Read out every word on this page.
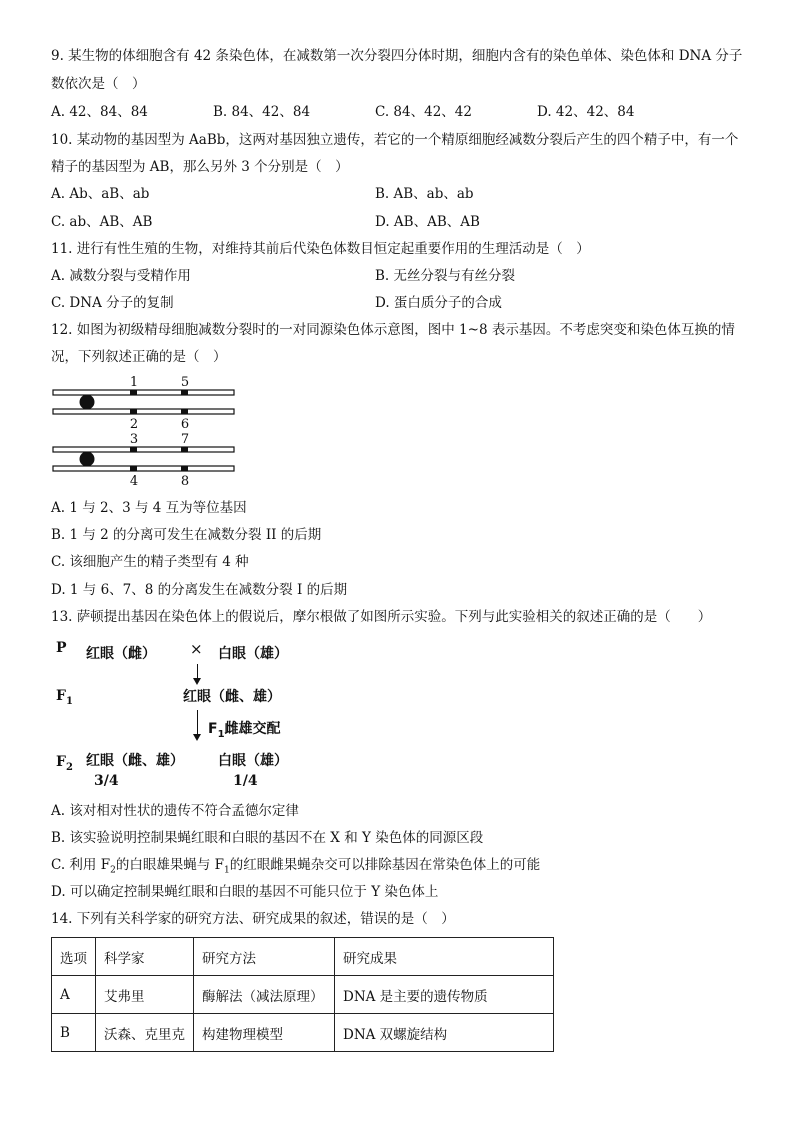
9. 某生物的体细胞含有 42 条染色体，在减数第一次分裂四分体时期，细胞内含有的染色单体、染色体和 DNA 分子
数依次是（　）
A. 42、84、84	B. 84、42、84	C. 84、42、42	D. 42、42、84
10. 某动物的基因型为 AaBb，这两对基因独立遗传，若它的一个精原细胞经减数分裂后产生的四个精子中，有一个
精子的基因型为 AB，那么另外 3 个分别是（　）
A. Ab、aB、ab	B. AB、ab、ab
C. ab、AB、AB	D. AB、AB、AB
11. 进行有性生殖的生物，对维持其前后代染色体数目恒定起重要作用的生理活动是（　）
A. 减数分裂与受精作用	B. 无丝分裂与有丝分裂
C. DNA 分子的复制	D. 蛋白质分子的合成
12. 如图为初级精母细胞减数分裂时的一对同源染色体示意图，图中 1~8 表示基因。不考虑突变和染色体互换的情
况，下列叙述正确的是（　）
1	5
2	6
3	7
4	8
A. 1 与 2、3 与 4 互为等位基因
B. 1 与 2 的分离可发生在减数分裂 II 的后期
C. 该细胞产生的精子类型有 4 种
D. 1 与 6、7、8 的分离发生在减数分裂 I 的后期
13. 萨顿提出基因在染色体上的假说后，摩尔根做了如图所示实验。下列与此实验相关的叙述正确的是（　　）
P 红眼（雌） × 白眼（雄）
$F_1$	红眼（雌、雄）
$F_1$雌雄交配
$F_2$ 红眼（雌、雄） 白眼（雄）
3/4	1/4
A. 该对相对性状的遗传不符合孟德尔定律
B. 该实验说明控制果蝇红眼和白眼的基因不在 X 和 Y 染色体的同源区段
C. 利用 $F_2$的白眼雄果蝇与 $F_1$的红眼雌果蝇杂交可以排除基因在常染色体上的可能
D. 可以确定控制果蝇红眼和白眼的基因不可能只位于 Y 染色体上
14. 下列有关科学家的研究方法、研究成果的叙述，错误的是（　）
选项	科学家	研究方法	研究成果
A	艾弗里	酶解法（减法原理）	DNA 是主要的遗传物质
B	沃森、克里克	构建物理模型	DNA 双螺旋结构
